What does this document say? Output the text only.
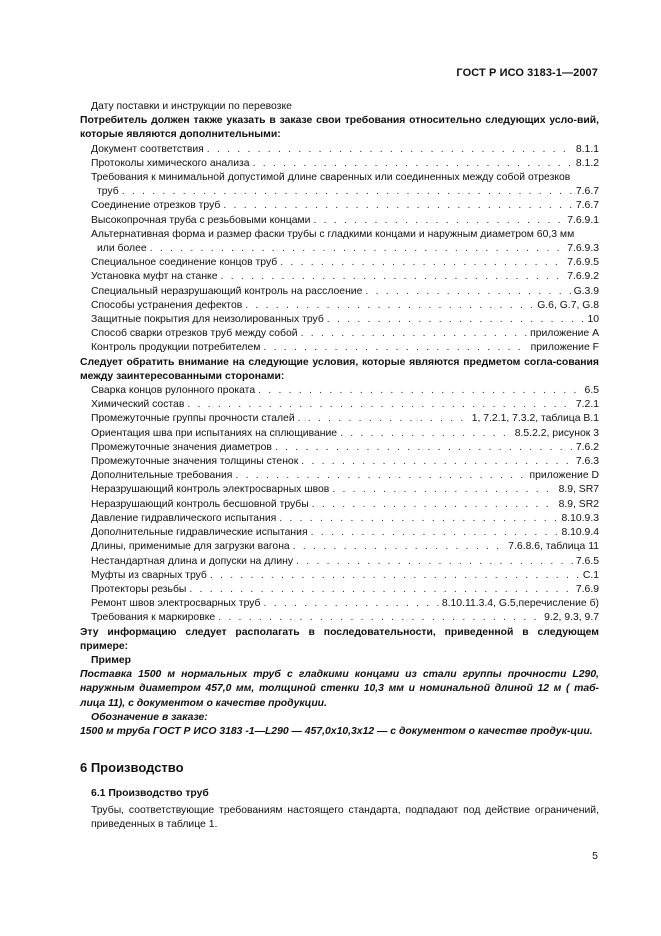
ГОСТ Р ИСО 3183-1—2007

Дату поставки и инструкции по перевозке

Потребитель должен также указать в заказе свои требования относительно следующих усло-вий, которые являются дополнительными:

Документ соответствия . . .	8.1.1
Протоколы химического анализа . . .	8.1.2
Требования к минимальной допустимой длине сваренных или соединенных между собой отрезков
труб . . .	7.6.7
Соединение отрезков труб . . .	7.6.7
Высокопрочная труба с резьбовыми концами . . .	7.6.9.1
Альтернативная форма и размер фаски трубы с гладкими концами и наружным диаметром 60,3 мм
или более . . .	7.6.9.3
Специальное соединение концов труб . . .	7.6.9.5
Установка муфт на станке . . .	7.6.9.2
Специальный неразрушающий контроль на расслоение . . .	G.3.9
Способы устранения дефектов . . .	G.6, G.7, G.8
Защитные покрытия для неизолированных труб . . .	10
Способ сварки отрезков труб между собой . . .	приложение А
Контроль продукции потребителем . . .	приложение F

Следует обратить внимание на следующие условия, которые являются предметом согла-сования между заинтересованными сторонами:

Сварка концов рулонного проката . . .	6.5
Химический состав . . .	7.2.1
Промежуточные группы прочности сталей . . .	1, 7.2.1, 7.3.2, таблица В.1
Ориентация шва при испытаниях на сплющивание . . .	8.5.2.2, рисунок 3
Промежуточные значения диаметров . . .	7.6.2
Промежуточные значения толщины стенок . . .	7.6.3
Дополнительные требования . . .	приложение D
Неразрушающий контроль электросварных швов . . .	8.9, SR7
Неразрушающий контроль бесшовной трубы . . .	8.9, SR2
Давление гидравлического испытания . . .	8.10.9.3
Дополнительные гидравлические испытания . . .	8.10.9.4
Длины, применимые для загрузки вагона . . .	7.6.8.6, таблица 11
Нестандартная длина и допуски на длину . . .	7.6.5
Муфты из сварных труб . . .	С.1
Протекторы резьбы . . .	7.6.9
Ремонт швов электросварных труб . . .	8.10.11.3.4, G.5,перечисление б)
Требования к маркировке . . .	9.2, 9.3, 9.7

Эту информацию следует располагать в последовательности, приведенной в следующем примере:

Пример

Поставка 1500 м нормальных труб с гладкими концами из стали группы прочности L290, наружным диаметром 457,0 мм, толщиной стенки 10,3 мм и номинальной длиной 12 м ( таб-лица 11), с документом о качестве продукции.

Обозначение в заказе:

1500 м труба ГОСТ Р ИСО 3183 -1—L290 — 457,0х10,3х12 — с документом о качестве продук-ции.

6 Производство
6.1 Производство труб

Трубы, соответствующие требованиям настоящего стандарта, подпадают под действие ограничений, приведенных в таблице 1.

5
